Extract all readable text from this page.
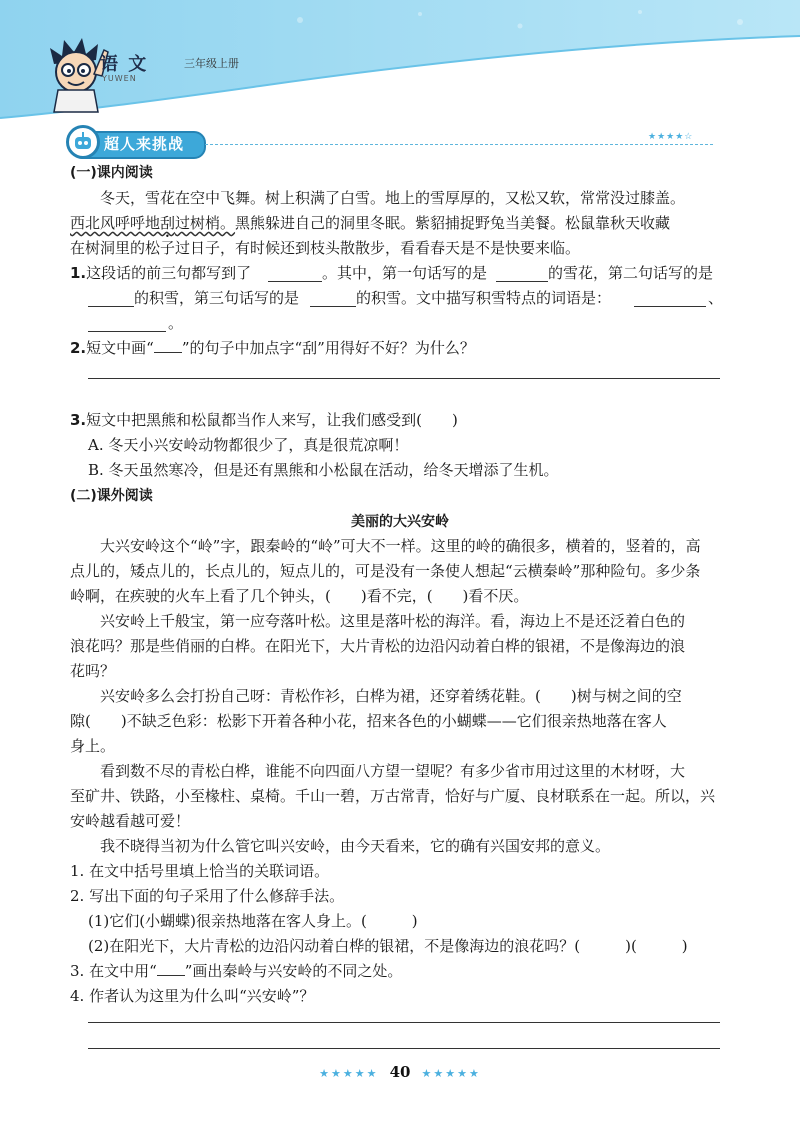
语 文
YUWEN
三年级上册
超人来挑战	★★★★☆
(一)课内阅读
冬天，雪花在空中飞舞。树上积满了白雪。地上的雪厚厚的，又松又软，常常没过膝盖。
西北风呼呼地刮过树梢。黑熊躲进自己的洞里冬眠。紫貂捕捉野兔当美餐。松鼠靠秋天收藏
在树洞里的松子过日子，有时候还到枝头散散步，看看春天是不是快要来临。
1.这段话的前三句都写到了	。其中，第一句话写的是	的雪花，第二句话写的是
的积雪，第三句话写的是	的积雪。文中描写积雪特点的词语是：	、
。
2.短文中画“ ”的句子中加点字“刮”用得好不好？为什么？
3.短文中把黑熊和松鼠都当作人来写，让我们感受到(　　)
A. 冬天小兴安岭动物都很少了，真是很荒凉啊！
B. 冬天虽然寒冷，但是还有黑熊和小松鼠在活动，给冬天增添了生机。
(二)课外阅读
美丽的大兴安岭
大兴安岭这个“岭”字，跟秦岭的“岭”可大不一样。这里的岭的确很多，横着的，竖着的，高
点儿的，矮点儿的，长点儿的，短点儿的，可是没有一条使人想起“云横秦岭”那种险句。多少条
岭啊，在疾驶的火车上看了几个钟头，(　　)看不完，(　　)看不厌。
兴安岭上千般宝，第一应夸落叶松。这里是落叶松的海洋。看，海边上不是还泛着白色的
浪花吗？那是些俏丽的白桦。在阳光下，大片青松的边沿闪动着白桦的银裙，不是像海边的浪
花吗？
兴安岭多么会打扮自己呀：青松作衫，白桦为裙，还穿着绣花鞋。(　　)树与树之间的空
隙(　　)不缺乏色彩：松影下开着各种小花，招来各色的小蝴蝶——它们很亲热地落在客人
身上。
看到数不尽的青松白桦，谁能不向四面八方望一望呢？有多少省市用过这里的木材呀，大
至矿井、铁路，小至椽柱、桌椅。千山一碧，万古常青，恰好与广厦、良材联系在一起。所以，兴
安岭越看越可爱！
我不晓得当初为什么管它叫兴安岭，由今天看来，它的确有兴国安邦的意义。
1. 在文中括号里填上恰当的关联词语。
2. 写出下面的句子采用了什么修辞手法。
(1)它们(小蝴蝶)很亲热地落在客人身上。(　　　)
(2)在阳光下，大片青松的边沿闪动着白桦的银裙，不是像海边的浪花吗？(　　　)(　　　)
3. 在文中用“ ”画出秦岭与兴安岭的不同之处。
4. 作者认为这里为什么叫“兴安岭”？
★★★★★ 40 ★★★★★
